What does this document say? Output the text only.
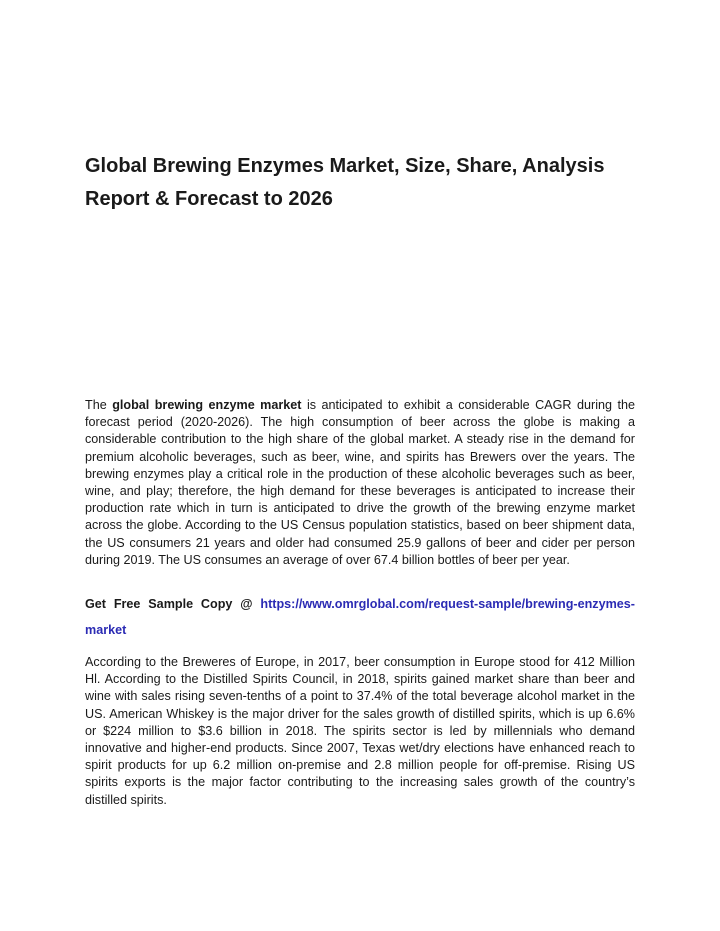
Global Brewing Enzymes Market, Size, Share, Analysis Report & Forecast to 2026

The global brewing enzyme market is anticipated to exhibit a considerable CAGR during the forecast period (2020-2026). The high consumption of beer across the globe is making a considerable contribution to the high share of the global market. A steady rise in the demand for premium alcoholic beverages, such as beer, wine, and spirits has Brewers over the years. The brewing enzymes play a critical role in the production of these alcoholic beverages such as beer, wine, and play; therefore, the high demand for these beverages is anticipated to increase their production rate which in turn is anticipated to drive the growth of the brewing enzyme market across the globe. According to the US Census population statistics, based on beer shipment data, the US consumers 21 years and older had consumed 25.9 gallons of beer and cider per person during 2019. The US consumes an average of over 67.4 billion bottles of beer per year.

Get Free Sample Copy @ https://www.omrglobal.com/request-sample/brewing-enzymes-market

According to the Breweres of Europe, in 2017, beer consumption in Europe stood for 412 Million Hl. According to the Distilled Spirits Council, in 2018, spirits gained market share than beer and wine with sales rising seven-tenths of a point to 37.4% of the total beverage alcohol market in the US. American Whiskey is the major driver for the sales growth of distilled spirits, which is up 6.6% or $224 million to $3.6 billion in 2018. The spirits sector is led by millennials who demand innovative and higher-end products. Since 2007, Texas wet/dry elections have enhanced reach to spirit products for up 6.2 million on-premise and 2.8 million people for off-premise. Rising US spirits exports is the major factor contributing to the increasing sales growth of the country’s distilled spirits.
